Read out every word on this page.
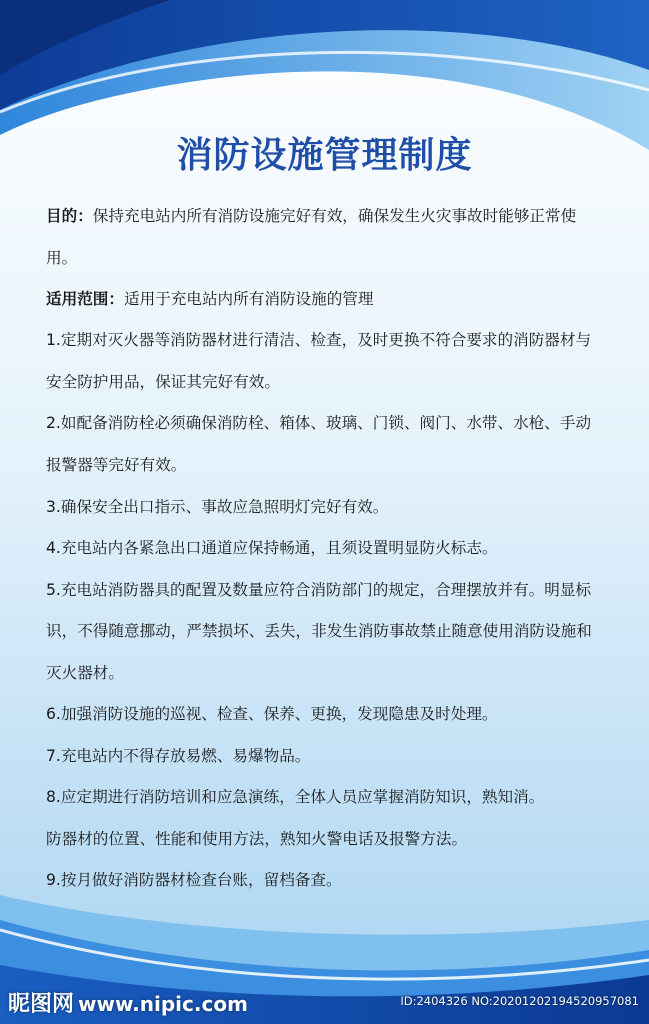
消防设施管理制度
目的：保持充电站内所有消防设施完好有效，确保发生火灾事故时能够正常使
用。
适用范围：适用于充电站内所有消防设施的管理
1.定期对灭火器等消防器材进行清洁、检查，及时更换不符合要求的消防器材与
安全防护用品，保证其完好有效。
2.如配备消防栓必须确保消防栓、箱体、玻璃、门锁、阀门、水带、水枪、手动
报警器等完好有效。
3.确保安全出口指示、事故应急照明灯完好有效。
4.充电站内各紧急出口通道应保持畅通，且须设置明显防火标志。
5.充电站消防器具的配置及数量应符合消防部门的规定，合理摆放并有。明显标
识，不得随意挪动，严禁损坏、丢失，非发生消防事故禁止随意使用消防设施和
灭火器材。
6.加强消防设施的巡视、检查、保养、更换，发现隐患及时处理。
7.充电站内不得存放易燃、易爆物品。
8.应定期进行消防培训和应急演练，全体人员应掌握消防知识，熟知消。
防器材的位置、性能和使用方法，熟知火警电话及报警方法。
9.按月做好消防器材检查台账，留档备查。
昵图网 www.nipic.com	ID:2404326 NO:20201202194520957081
